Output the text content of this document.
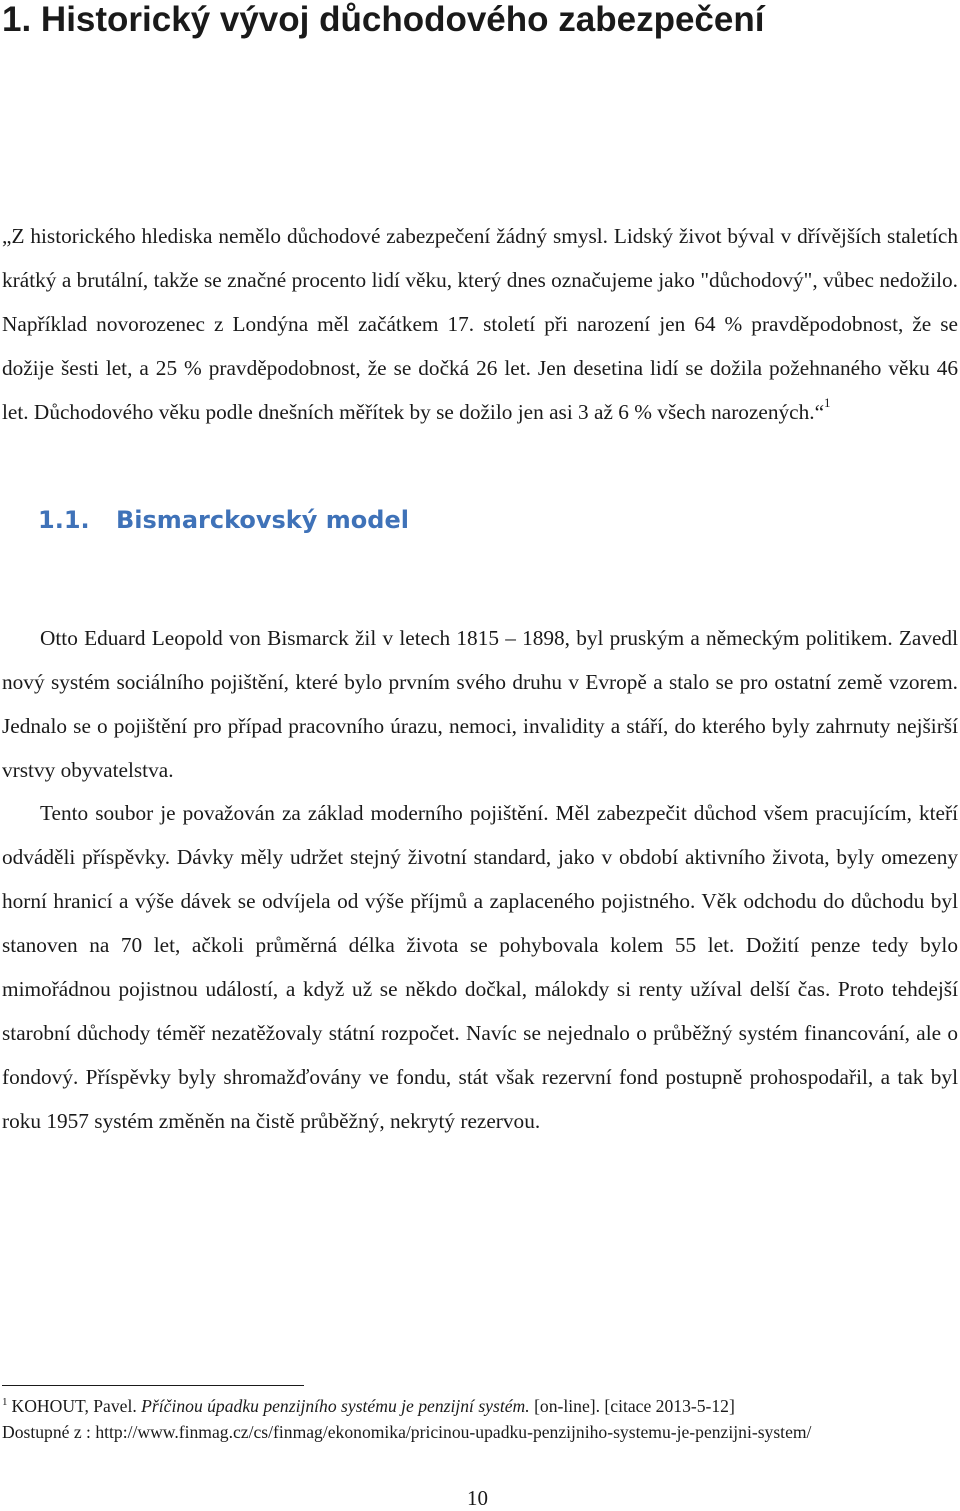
1. Historický vývoj důchodového zabezpečení

„Z historického hlediska nemělo důchodové zabezpečení žádný smysl. Lidský život býval v dřívějších staletích krátký a brutální, takže se značné procento lidí věku, který dnes označujeme jako "důchodový", vůbec nedožilo. Například novorozenec z Londýna měl začátkem 17. století při narození jen 64 % pravděpodobnost, že se dožije šesti let, a 25 % pravděpodobnost, že se dočká 26 let. Jen desetina lidí se dožila požehnaného věku 46 let. Důchodového věku podle dnešních měřítek by se dožilo jen asi 3 až 6 % všech narozených.“$^1$

1.1. Bismarckovský model

Otto Eduard Leopold von Bismarck žil v letech 1815 – 1898, byl pruským a německým politikem. Zavedl nový systém sociálního pojištění, které bylo prvním svého druhu v Evropě a stalo se pro ostatní země vzorem. Jednalo se o pojištění pro případ pracovního úrazu, nemoci, invalidity a stáří, do kterého byly zahrnuty nejširší vrstvy obyvatelstva.

Tento soubor je považován za základ moderního pojištění. Měl zabezpečit důchod všem pracujícím, kteří odváděli příspěvky. Dávky měly udržet stejný životní standard, jako v období aktivního života, byly omezeny horní hranicí a výše dávek se odvíjela od výše příjmů a zaplaceného pojistného. Věk odchodu do důchodu byl stanoven na 70 let, ačkoli průměrná délka života se pohybovala kolem 55 let. Dožití penze tedy bylo mimořádnou pojistnou událostí, a když už se někdo dočkal, málokdy si renty užíval delší čas. Proto tehdejší starobní důchody téměř nezatěžovaly státní rozpočet. Navíc se nejednalo o průběžný systém financování, ale o fondový. Příspěvky byly shromažďovány ve fondu, stát však rezervní fond postupně prohospodařil, a tak byl roku 1957 systém změněn na čistě průběžný, nekrytý rezervou.

$^1$ KOHOUT, Pavel. Příčinou úpadku penzijního systému je penzijní systém. [on-line]. [citace 2013-5-12]
Dostupné z : http://www.finmag.cz/cs/finmag/ekonomika/pricinou-upadku-penzijniho-systemu-je-penzijni-system/
10
